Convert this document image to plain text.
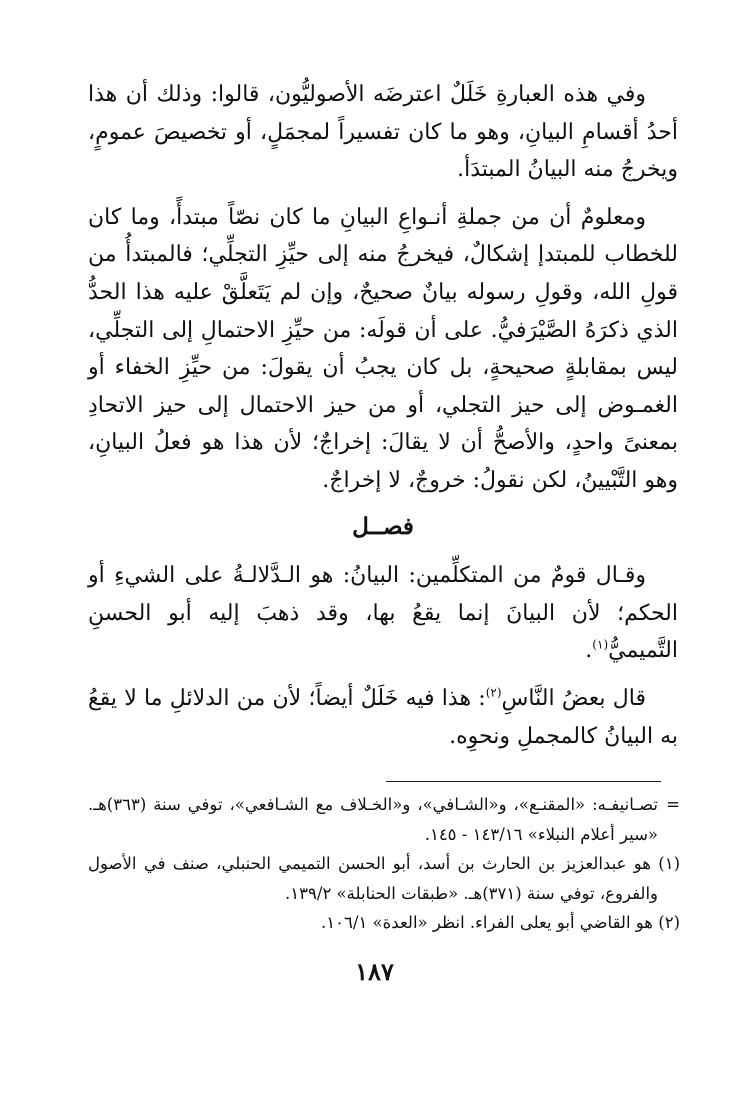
وفي هذه العبارةِ خَلَلٌ اعترضَه الأصوليُّون، قالوا: وذلك أن هذا أحدُ أقسامِ البيانِ، وهو ما كان تفسيراً لمجمَلٍ، أو تخصيصَ عمومٍ، ويخرجُ منه البيانُ المبتدَأ.

ومعلومٌ أن من جملةِ أنـواعِ البيانِ ما كان نصّاً مبتدأً، وما كان للخطاب للمبتدإ إشكالٌ، فيخرجُ منه إلى حيِّزِ التجلِّي؛ فالمبتدأُ من قولِ الله، وقولِ رسوله بيانٌ صحيحٌ، وإن لم يَتَعلَّقْ عليه هذا الحدُّ الذي ذكرَهُ الصَّيْرَفيُّ. على أن قولَه: من حيِّزِ الاحتمالِ إلى التجلِّي، ليس بمقابلةٍ صحيحةٍ، بل كان يجبُ أن يقولَ: من حيِّزِ الخفاء أو الغمـوض إلى حيز التجلي، أو من حيز الاحتمال إلى حيز الاتحادِ بمعنىً واحدٍ، والأصحُّ أن لا يقالَ: إخراجٌ؛ لأن هذا هو فعلُ البيانِ، وهو التَّبْيينُ، لكن نقولُ: خروجٌ، لا إخراجٌ.

فصــل

وقـال قومٌ من المتكلِّمين: البيانُ: هو الـدَّلالـةُ على الشيءِ أو الحكم؛ لأن البيانَ إنما يقعُ بها، وقد ذهبَ إليه أبو الحسنِ التَّميميُّ$^{(١)}$.

قال بعضُ النَّاسِ$^{(٢)}$: هذا فيه خَلَلٌ أيضاً؛ لأن من الدلائلِ ما لا يقعُ به البيانُ كالمجملِ ونحوِه.

=
تصـانيفـه: «المقنـع»، و«الشـافي»، و«الخـلاف مع الشـافعي»، توفي سنة (٣٦٣)هـ. «سير أعلام النبلاء» ١٤٣/١٦ - ١٤٥.

(١) هو عبدالعزيز بن الحارث بن أسد، أبو الحسن التميمي الحنبلي، صنف في الأصول والفروع، توفي سنة (٣٧١)هـ. «طبقات الحنابلة» ١٣٩/٢.

(٢) هو القاضي أبو يعلى الفراء. انظر «العدة» ١٠٦/١.

١٨٧
